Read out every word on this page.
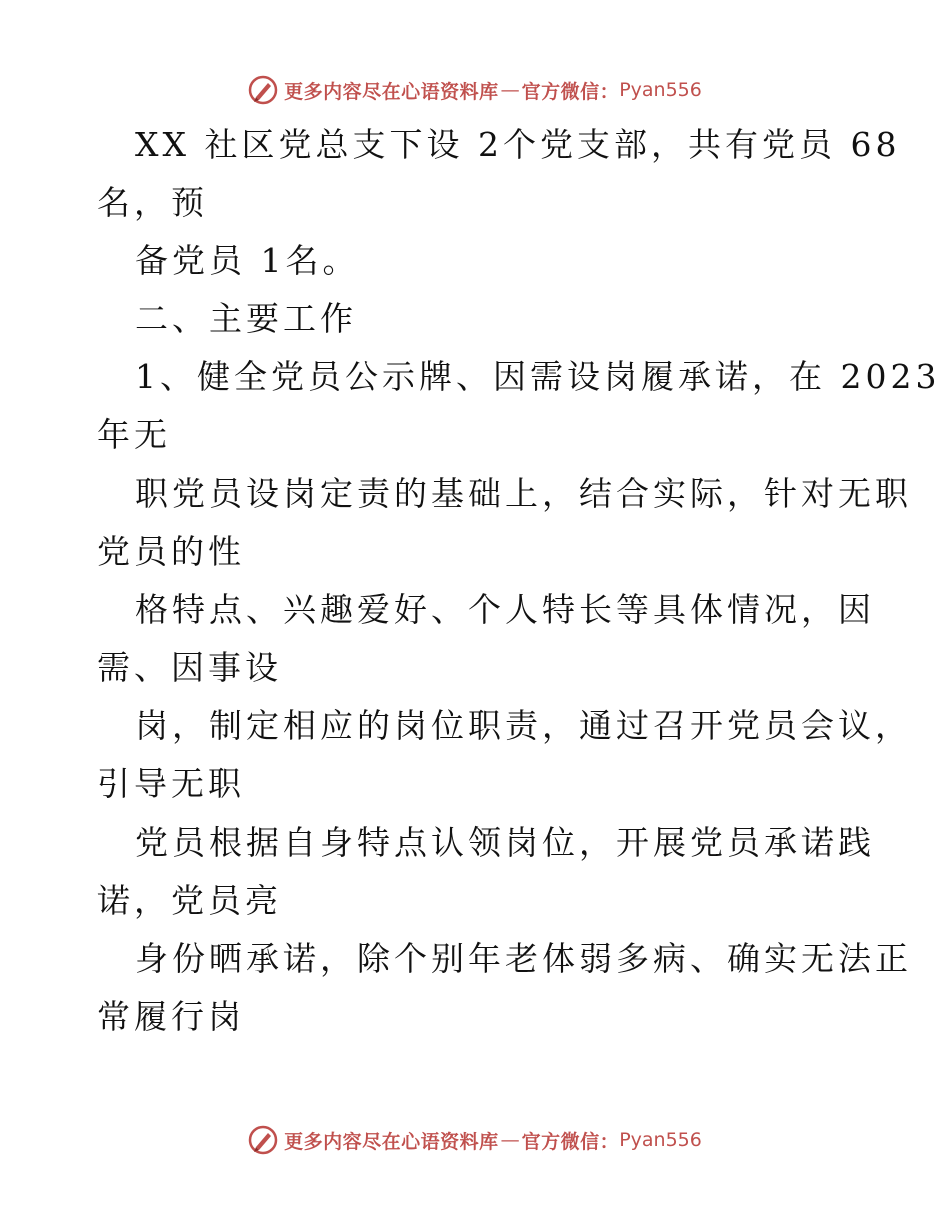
更多内容尽在心语资料库 — 官方微信： Pyan556
XX 社区党总支下设 2个党支部，共有党员 68
名，预
备党员 1名。
二、主要工作
1、健全党员公示牌、因需设岗履承诺，在 2023
年无
职党员设岗定责的基础上，结合实际，针对无职
党员的性
格特点、兴趣爱好、个人特长等具体情况，因
需、因事设
岗，制定相应的岗位职责，通过召开党员会议，
引导无职
党员根据自身特点认领岗位，开展党员承诺践
诺，党员亮
身份晒承诺，除个别年老体弱多病、确实无法正
常履行岗
更多内容尽在心语资料库 — 官方微信： Pyan556
